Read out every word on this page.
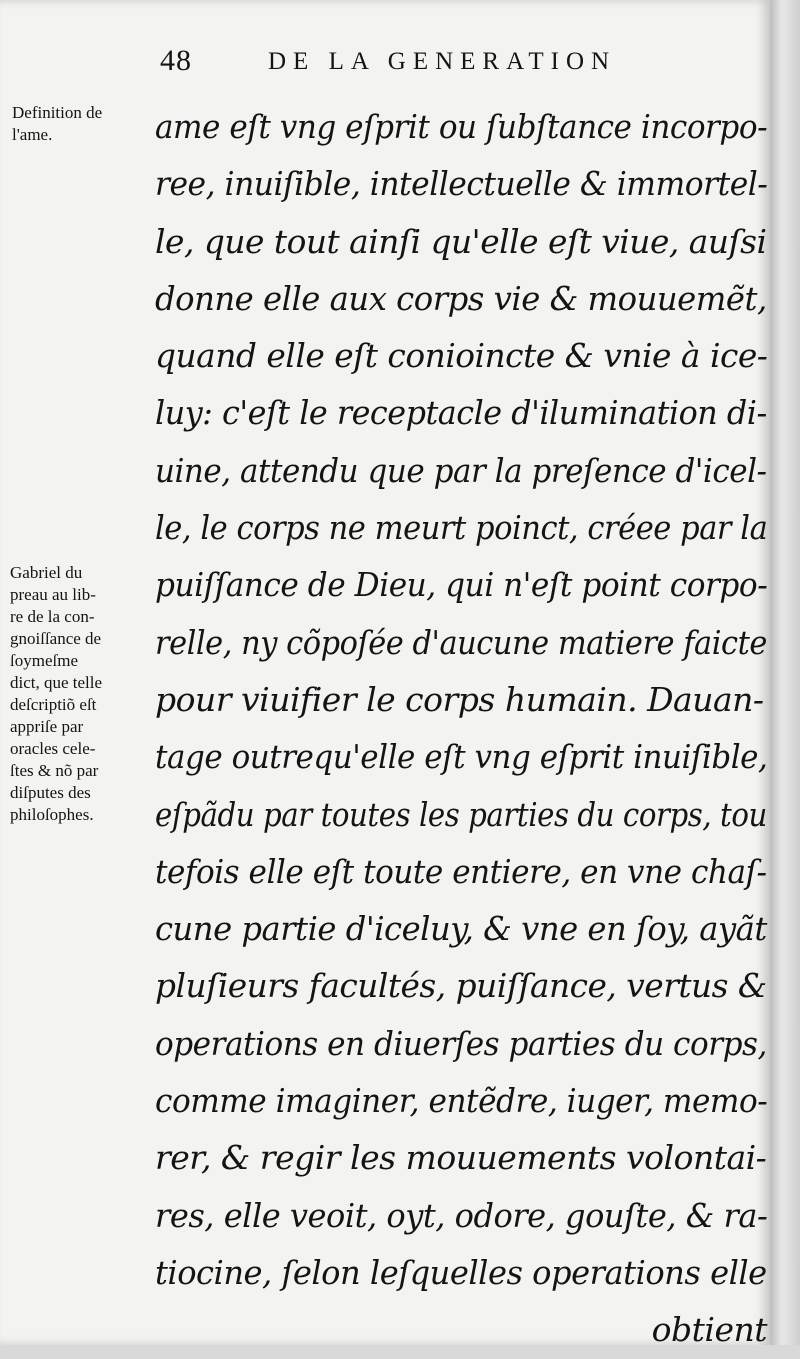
48	DE LA GENERATION
Definition de
l'ame.
Gabriel du
preau au lib-
re de la con-
gnoiſſance de
ſoymeſme
dict, que telle
deſcriptiõ eſt
appriſe par
oracles cele-
ſtes & nõ par
diſputes des
philoſophes.
ame eſt vng eſprit ou ſubſtance incorpo-
ree, inuiſible, intellectuelle & immortel-
le, que tout ainſi qu'elle eſt viue, auſsi
donne elle aux corps vie & mouuemẽt,
quand elle eſt conioincte & vnie à ice-
luy: c'eſt le receptacle d'ilumination di-
uine, attendu que par la preſence d'icel-
le, le corps ne meurt poinct, créee par la
puiſſance de Dieu, qui n'eſt point corpo-
relle, ny cõpoſée d'aucune matiere faicte
pour viuifier le corps humain. Dauan-
tage outrequ'elle eſt vng eſprit inuiſible,
eſpãdu par toutes les parties du corps, tou
tefois elle eſt toute entiere, en vne chaſ-
cune partie d'iceluy, & vne en ſoy, ayãt
pluſieurs facultés, puiſſance, vertus &
operations en diuerſes parties du corps,
comme imaginer, entẽdre, iuger, memo-
rer, & regir les mouuements volontai-
res, elle veoit, oyt, odore, gouſte, & ra-
tiocine, ſelon leſquelles operations elle
obtient
